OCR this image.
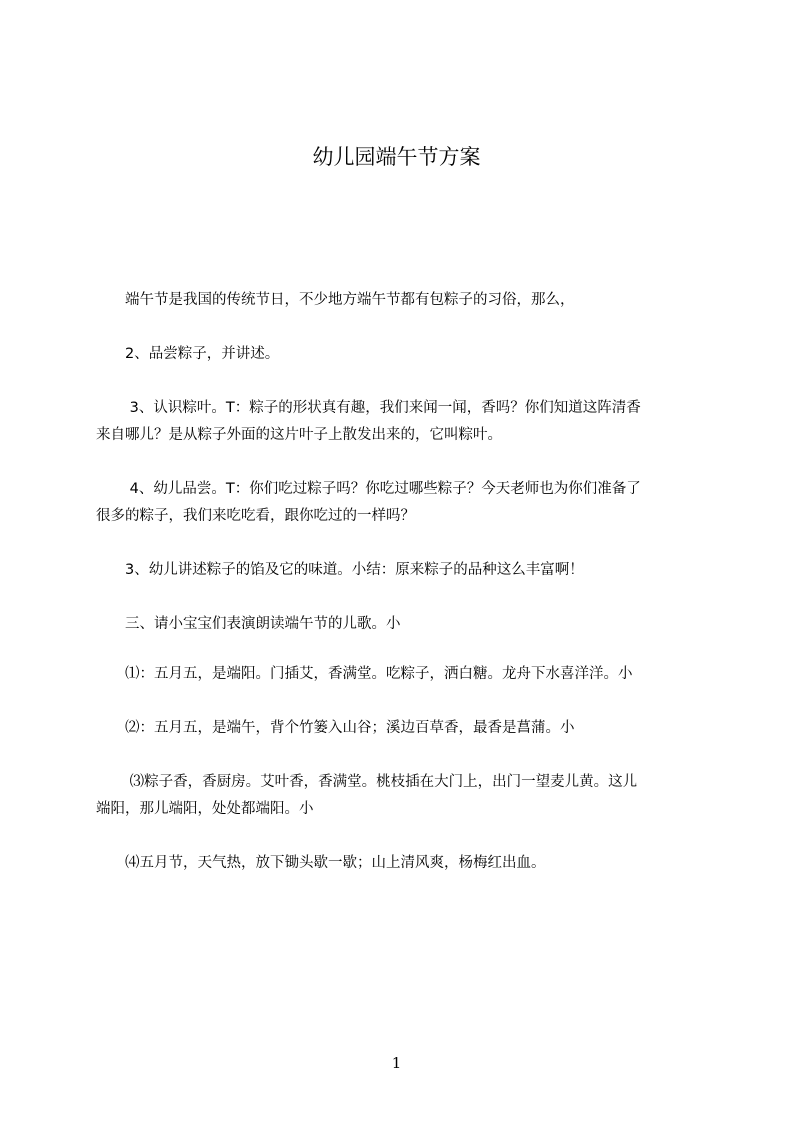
幼儿园端午节方案
　　端午节是我国的传统节日，不少地方端午节都有包粽子的习俗，那么，
　　2、品尝粽子，并讲述。
　　 3、认识粽叶。T：粽子的形状真有趣，我们来闻一闻，香吗？你们知道这阵清香
来自哪儿？是从粽子外面的这片叶子上散发出来的，它叫粽叶。
　　 4、幼儿品尝。T：你们吃过粽子吗？你吃过哪些粽子？今天老师也为你们准备了
很多的粽子，我们来吃吃看，跟你吃过的一样吗？
　　3、幼儿讲述粽子的馅及它的味道。小结：原来粽子的品种这么丰富啊！
　　三、请小宝宝们表演朗读端午节的儿歌。小
　　⑴：五月五，是端阳。门插艾，香满堂。吃粽子，洒白糖。龙舟下水喜洋洋。小
　　⑵：五月五，是端午，背个竹篓入山谷；溪边百草香，最香是菖蒲。小
　　 ⑶粽子香，香厨房。艾叶香，香满堂。桃枝插在大门上，出门一望麦儿黄。这儿
端阳，那儿端阳，处处都端阳。小
　　⑷五月节，天气热，放下锄头歇一歇；山上清风爽，杨梅红出血。
1
